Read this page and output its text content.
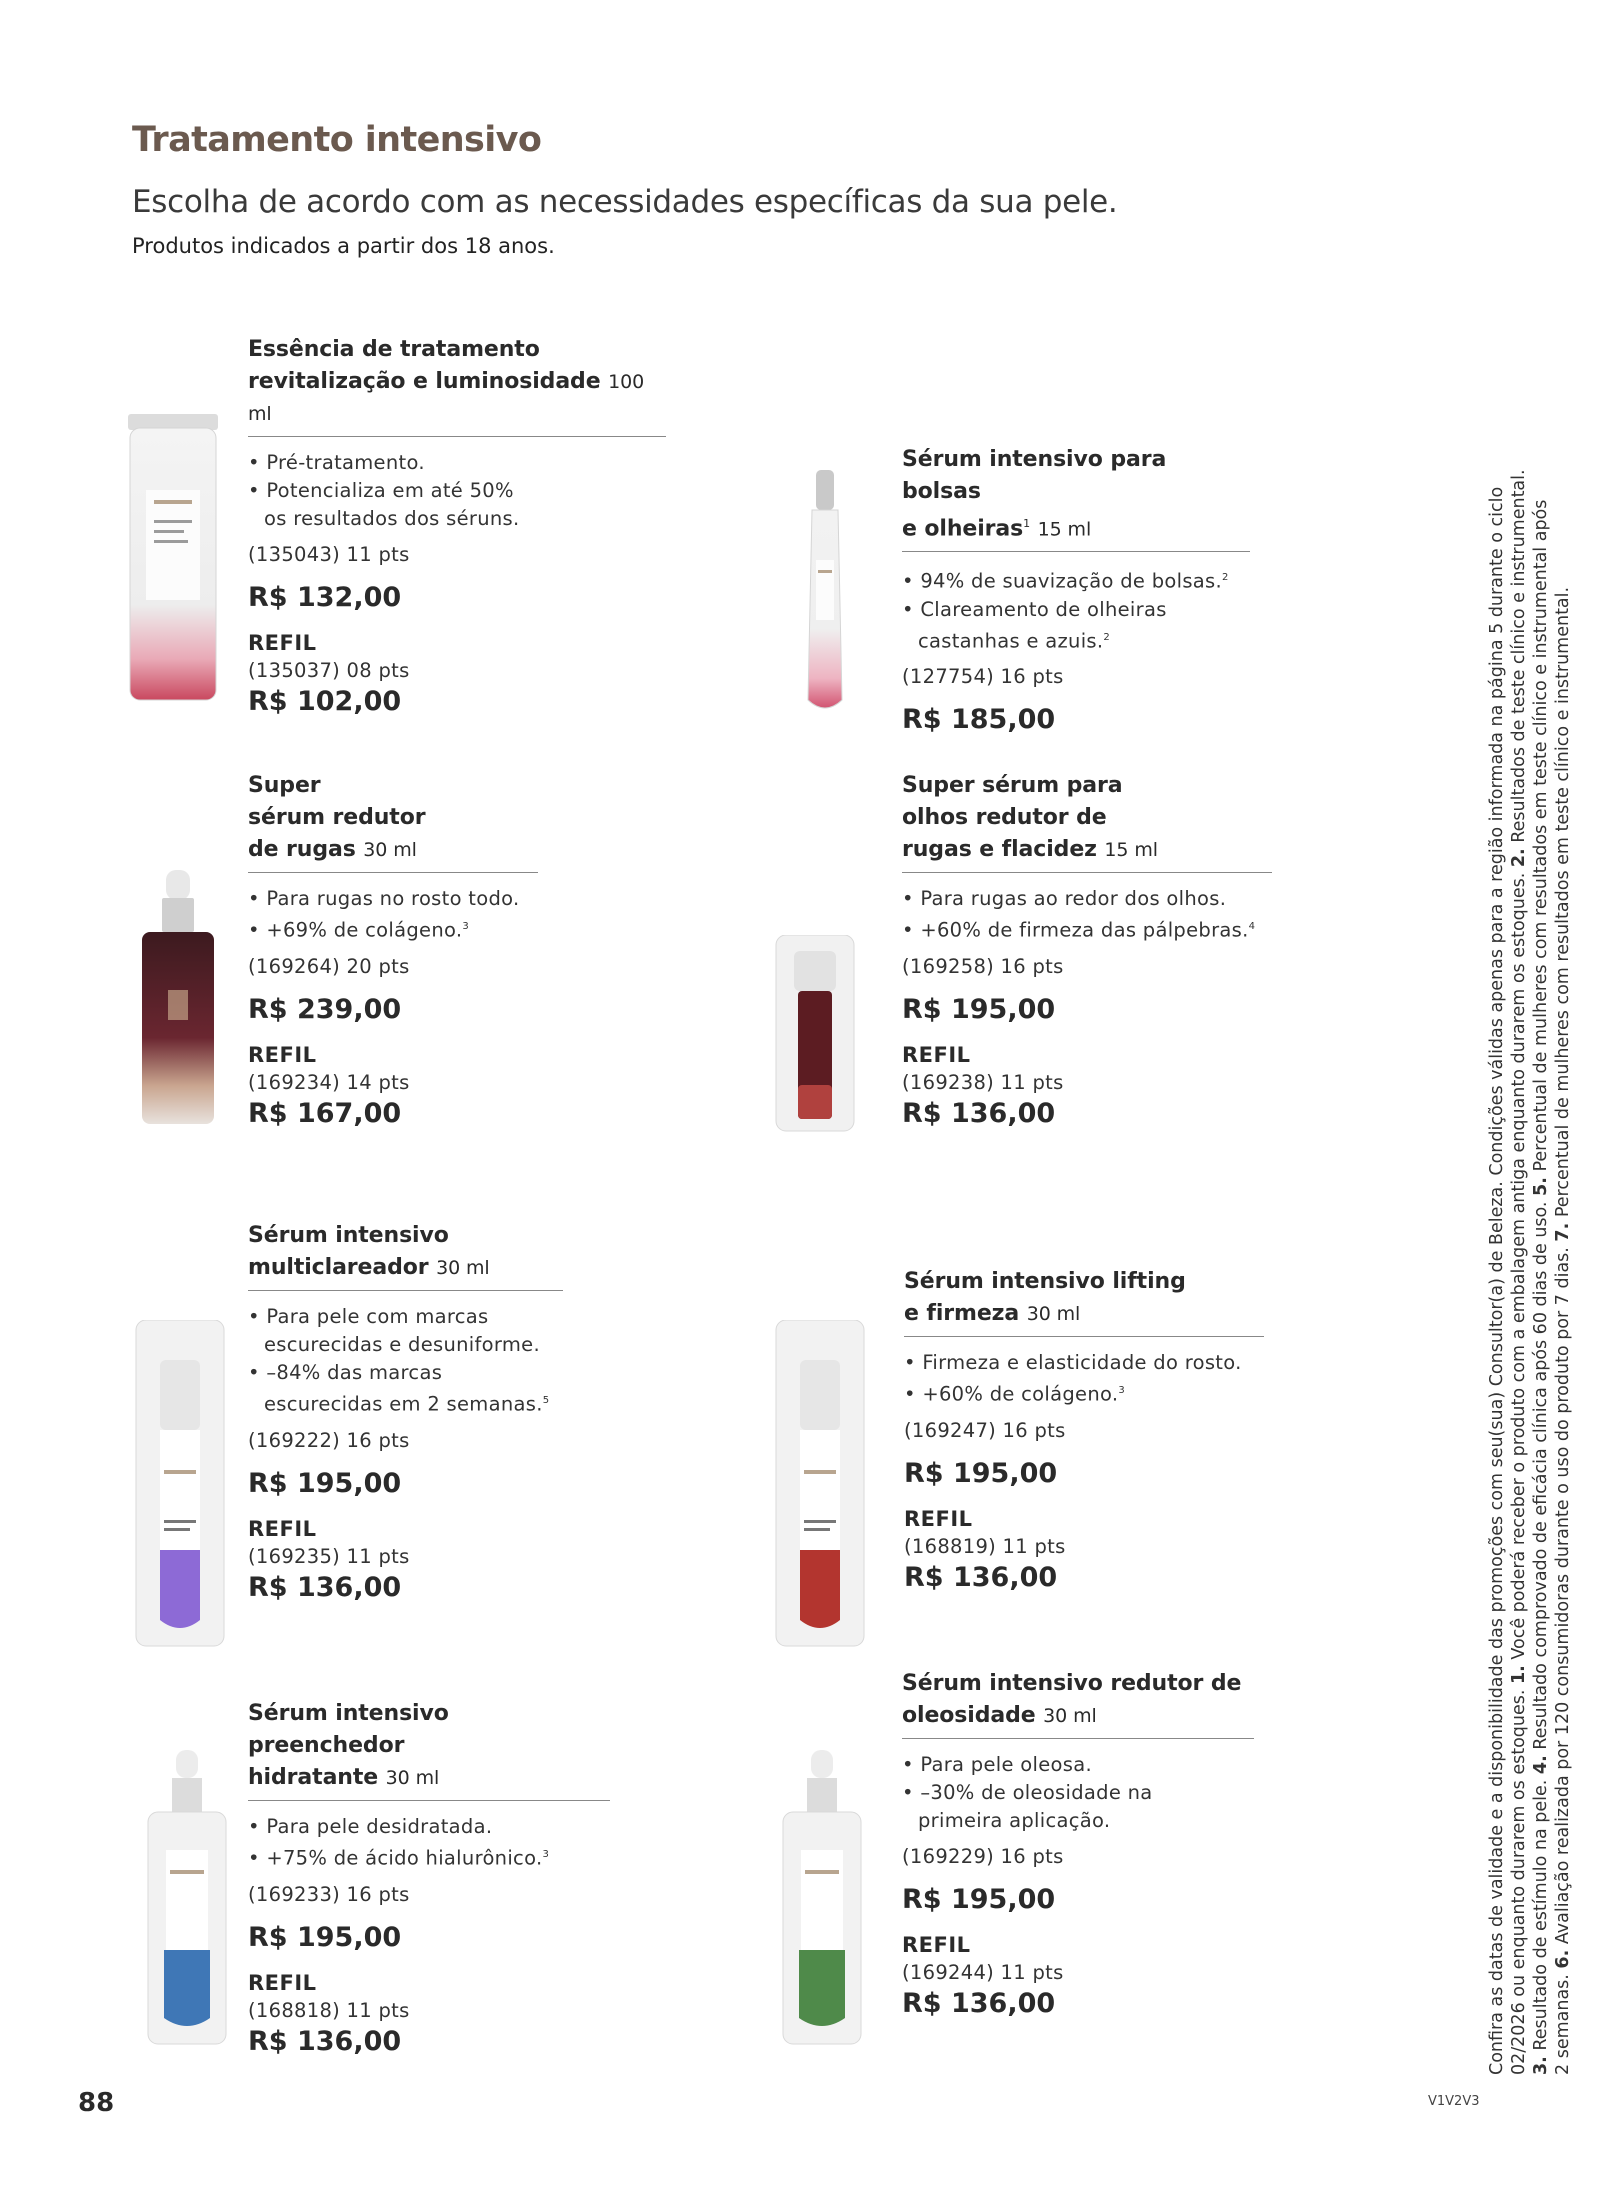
Tratamento intensivo
Escolha de acordo com as necessidades específicas da sua pele.
Produtos indicados a partir dos 18 anos.
Essência de tratamento
revitalização e luminosidade 100 ml
• Pré-tratamento.
• Potencializa em até 50%
os resultados dos séruns.
(135043) 11 pts
R$ 132,00
REFIL
(135037) 08 pts
R$ 102,00
Sérum intensivo para bolsas
e olheiras$^1$ 15 ml
• 94% de suavização de bolsas.$^2$
• Clareamento de olheiras
castanhas e azuis.$^2$
(127754) 16 pts
R$ 185,00
Super
sérum redutor
de rugas 30 ml
• Para rugas no rosto todo.
• +69% de colágeno.$^3$
(169264) 20 pts
R$ 239,00
REFIL
(169234) 14 pts
R$ 167,00
Super sérum para
olhos redutor de
rugas e flacidez 15 ml
• Para rugas ao redor dos olhos.
• +60% de firmeza das pálpebras.$^4$
(169258) 16 pts
R$ 195,00
REFIL
(169238) 11 pts
R$ 136,00
Sérum intensivo
multiclareador 30 ml
• Para pele com marcas
escurecidas e desuniforme.
• –84% das marcas
escurecidas em 2 semanas.$^5$
(169222) 16 pts
R$ 195,00
REFIL
(169235) 11 pts
R$ 136,00
Sérum intensivo lifting
e firmeza 30 ml
• Firmeza e elasticidade do rosto.
• +60% de colágeno.$^3$
(169247) 16 pts
R$ 195,00
REFIL
(168819) 11 pts
R$ 136,00
Sérum intensivo preenchedor
hidratante 30 ml
• Para pele desidratada.
• +75% de ácido hialurônico.$^3$
(169233) 16 pts
R$ 195,00
REFIL
(168818) 11 pts
R$ 136,00
Sérum intensivo redutor de
oleosidade 30 ml
• Para pele oleosa.
• –30% de oleosidade na
primeira aplicação.
(169229) 16 pts
R$ 195,00
REFIL
(169244) 11 pts
R$ 136,00	Confira as datas de validade e a disponibilidade das promoções com seu(sua) Consultor(a) de Beleza. Condições válidas apenas para a região informada na página 5 durante o ciclo 02/2026 ou enquanto durarem os estoques. 1. Você poderá receber o produto com a embalagem antiga enquanto durarem os estoques. 2. Resultados de teste clínico e instrumental.

3. Resultado de estímulo na pele. 4. Resultado comprovado de eficácia clínica após 60 dias de uso. 5. Percentual de mulheres com resultados em teste clínico e instrumental após

2 semanas. 6. Avaliação realizada por 120 consumidoras durante o uso do produto por 7 dias. 7. Percentual de mulheres com resultados em teste clínico e instrumental.

88	V1V2V3
